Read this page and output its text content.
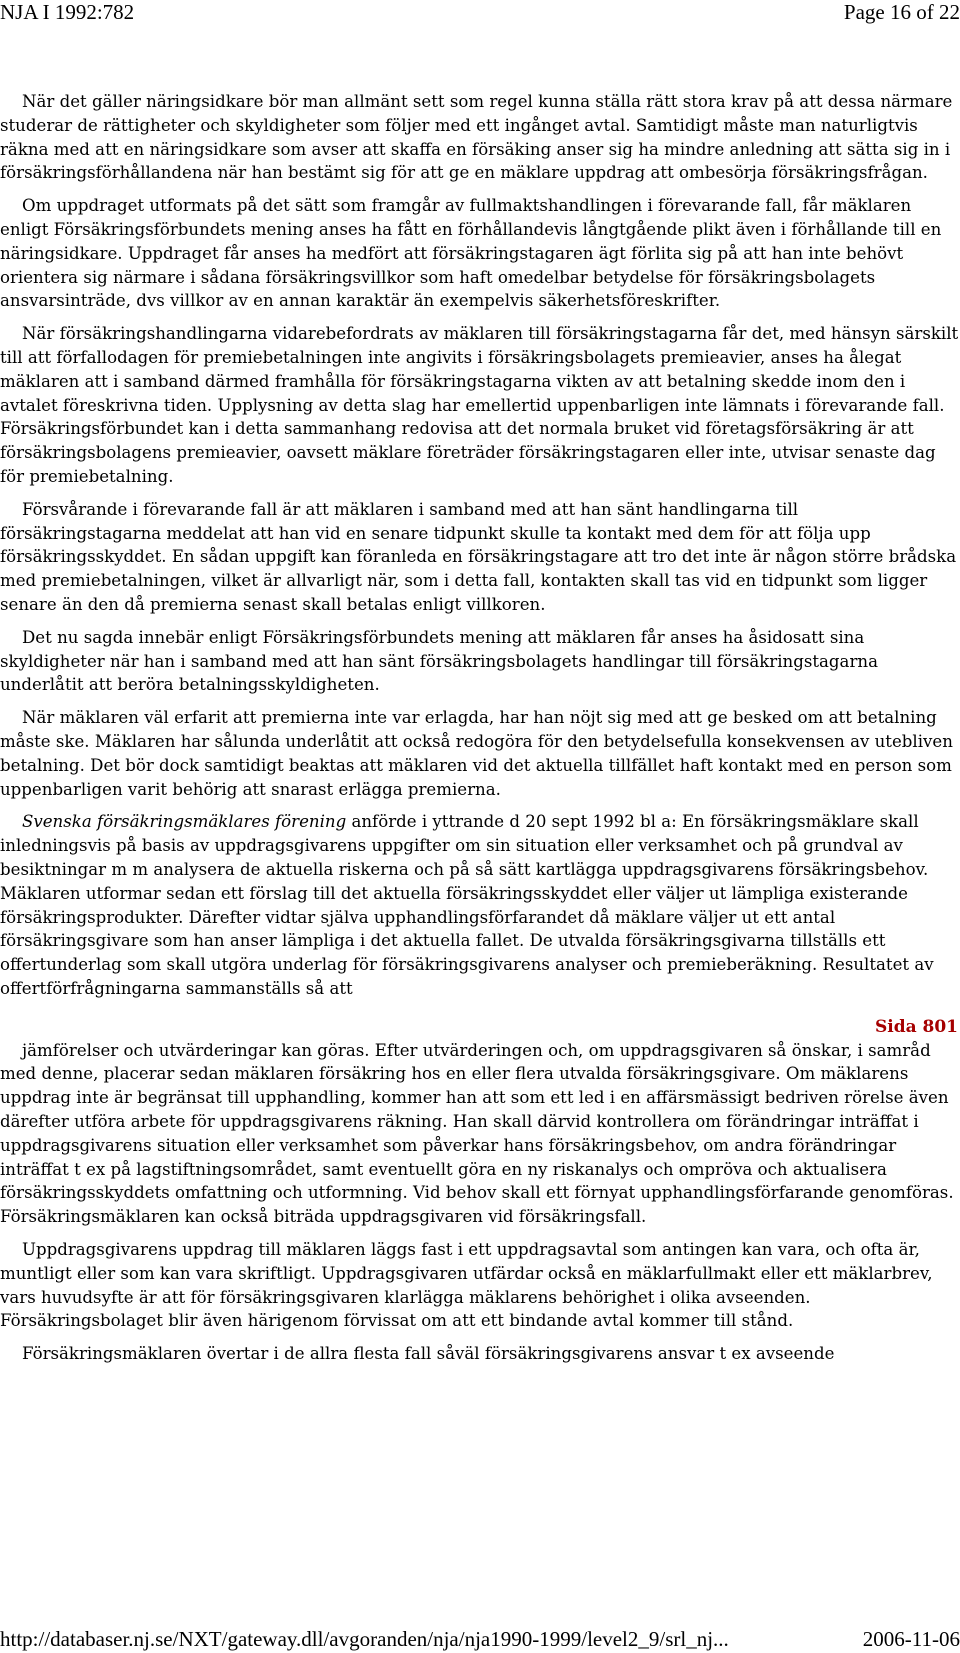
NJA I 1992:782	Page 16 of 22

När det gäller näringsidkare bör man allmänt sett som regel kunna ställa rätt stora krav på att dessa närmare studerar de rättigheter och skyldigheter som följer med ett ingånget avtal. Samtidigt måste man naturligtvis räkna med att en näringsidkare som avser att skaffa en försäking anser sig ha mindre anledning att sätta sig in i försäkringsförhållandena när han bestämt sig för att ge en mäklare uppdrag att ombesörja försäkringsfrågan.

Om uppdraget utformats på det sätt som framgår av fullmaktshandlingen i förevarande fall, får mäklaren enligt Försäkringsförbundets mening anses ha fått en förhållandevis långtgående plikt även i förhållande till en näringsidkare. Uppdraget får anses ha medfört att försäkringstagaren ägt förlita sig på att han inte behövt orientera sig närmare i sådana försäkringsvillkor som haft omedelbar betydelse för försäkringsbolagets ansvarsinträde, dvs villkor av en annan karaktär än exempelvis säkerhetsföreskrifter.

När försäkringshandlingarna vidarebefordrats av mäklaren till försäkringstagarna får det, med hänsyn särskilt till att förfallodagen för premiebetalningen inte angivits i försäkringsbolagets premieavier, anses ha ålegat mäklaren att i samband därmed framhålla för försäkringstagarna vikten av att betalning skedde inom den i avtalet föreskrivna tiden. Upplysning av detta slag har emellertid uppenbarligen inte lämnats i förevarande fall. Försäkringsförbundet kan i detta sammanhang redovisa att det normala bruket vid företagsförsäkring är att försäkringsbolagens premieavier, oavsett mäklare företräder försäkringstagaren eller inte, utvisar senaste dag för premiebetalning.

Försvårande i förevarande fall är att mäklaren i samband med att han sänt handlingarna till försäkringstagarna meddelat att han vid en senare tidpunkt skulle ta kontakt med dem för att följa upp försäkringsskyddet. En sådan uppgift kan föranleda en försäkringstagare att tro det inte är någon större brådska med premiebetalningen, vilket är allvarligt när, som i detta fall, kontakten skall tas vid en tidpunkt som ligger senare än den då premierna senast skall betalas enligt villkoren.

Det nu sagda innebär enligt Försäkringsförbundets mening att mäklaren får anses ha åsidosatt sina skyldigheter när han i samband med att han sänt försäkringsbolagets handlingar till försäkringstagarna underlåtit att beröra betalningsskyldigheten.

När mäklaren väl erfarit att premierna inte var erlagda, har han nöjt sig med att ge besked om att betalning måste ske. Mäklaren har sålunda underlåtit att också redogöra för den betydelsefulla konsekvensen av utebliven betalning. Det bör dock samtidigt beaktas att mäklaren vid det aktuella tillfället haft kontakt med en person som uppenbarligen varit behörig att snarast erlägga premierna.

Svenska försäkringsmäklares förening anförde i yttrande d 20 sept 1992 bl a: En försäkringsmäklare skall inledningsvis på basis av uppdragsgivarens uppgifter om sin situation eller verksamhet och på grundval av besiktningar m m analysera de aktuella riskerna och på så sätt kartlägga uppdragsgivarens försäkringsbehov. Mäklaren utformar sedan ett förslag till det aktuella försäkringsskyddet eller väljer ut lämpliga existerande försäkringsprodukter. Därefter vidtar själva upphandlingsförfarandet då mäklare väljer ut ett antal försäkringsgivare som han anser lämpliga i det aktuella fallet. De utvalda försäkringsgivarna tillställs ett offertunderlag som skall utgöra underlag för försäkringsgivarens analyser och premieberäkning. Resultatet av offertförfrågningarna sammanställs så att

Sida 801

jämförelser och utvärderingar kan göras. Efter utvärderingen och, om uppdragsgivaren så önskar, i samråd med denne, placerar sedan mäklaren försäkring hos en eller flera utvalda försäkringsgivare. Om mäklarens uppdrag inte är begränsat till upphandling, kommer han att som ett led i en affärsmässigt bedriven rörelse även därefter utföra arbete för uppdragsgivarens räkning. Han skall därvid kontrollera om förändringar inträffat i uppdragsgivarens situation eller verksamhet som påverkar hans försäkringsbehov, om andra förändringar inträffat t ex på lagstiftningsområdet, samt eventuellt göra en ny riskanalys och ompröva och aktualisera försäkringsskyddets omfattning och utformning. Vid behov skall ett förnyat upphandlingsförfarande genomföras. Försäkringsmäklaren kan också biträda uppdragsgivaren vid försäkringsfall.

Uppdragsgivarens uppdrag till mäklaren läggs fast i ett uppdragsavtal som antingen kan vara, och ofta är, muntligt eller som kan vara skriftligt. Uppdragsgivaren utfärdar också en mäklarfullmakt eller ett mäklarbrev, vars huvudsyfte är att för försäkringsgivaren klarlägga mäklarens behörighet i olika avseenden. Försäkringsbolaget blir även härigenom förvissat om att ett bindande avtal kommer till stånd.

Försäkringsmäklaren övertar i de allra flesta fall såväl försäkringsgivarens ansvar t ex avseende

http://databaser.nj.se/NXT/gateway.dll/avgoranden/nja/nja1990-1999/level2_9/srl_nj...	2006-11-06
